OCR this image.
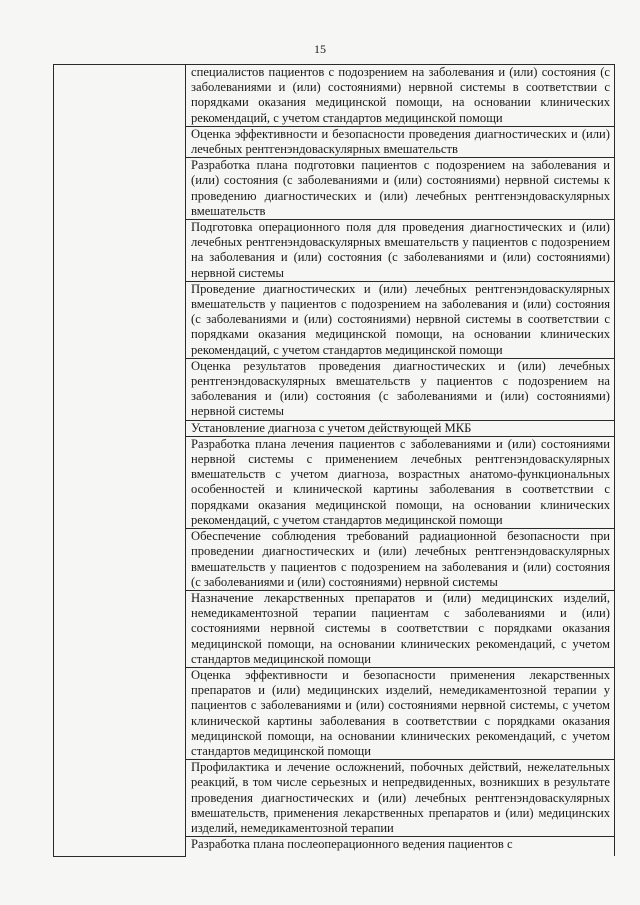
15
	специалистов пациентов с подозрением на заболевания и (или) состояния (с заболеваниями и (или) состояниями) нервной системы в соответствии с порядками оказания медицинской помощи, на основании клинических рекомендаций, с учетом стандартов медицинской помощи
Оценка эффективности и безопасности проведения диагностических и (или) лечебных рентгенэндоваскулярных вмешательств
Разработка плана подготовки пациентов с подозрением на заболевания и (или) состояния (с заболеваниями и (или) состояниями) нервной системы к проведению диагностических и (или) лечебных рентгенэндоваскулярных вмешательств
Подготовка операционного поля для проведения диагностических и (или) лечебных рентгенэндоваскулярных вмешательств у пациентов с подозрением на заболевания и (или) состояния (с заболеваниями и (или) состояниями) нервной системы
Проведение диагностических и (или) лечебных рентгенэндоваскулярных вмешательств у пациентов с подозрением на заболевания и (или) состояния (с заболеваниями и (или) состояниями) нервной системы в соответствии с порядками оказания медицинской помощи, на основании клинических рекомендаций, с учетом стандартов медицинской помощи
Оценка результатов проведения диагностических и (или) лечебных рентгенэндоваскулярных вмешательств у пациентов с подозрением на заболевания и (или) состояния (с заболеваниями и (или) состояниями) нервной системы
Установление диагноза с учетом действующей МКБ
Разработка плана лечения пациентов с заболеваниями и (или) состояниями нервной системы с применением лечебных рентгенэндоваскулярных вмешательств с учетом диагноза, возрастных анатомо-функциональных особенностей и клинической картины заболевания в соответствии с порядками оказания медицинской помощи, на основании клинических рекомендаций, с учетом стандартов медицинской помощи
Обеспечение соблюдения требований радиационной безопасности при проведении диагностических и (или) лечебных рентгенэндоваскулярных вмешательств у пациентов с подозрением на заболевания и (или) состояния (с заболеваниями и (или) состояниями) нервной системы
Назначение лекарственных препаратов и (или) медицинских изделий, немедикаментозной терапии пациентам с заболеваниями и (или) состояниями нервной системы в соответствии с порядками оказания медицинской помощи, на основании клинических рекомендаций, с учетом стандартов медицинской помощи
Оценка эффективности и безопасности применения лекарственных препаратов и (или) медицинских изделий, немедикаментозной терапии у пациентов с заболеваниями и (или) состояниями нервной системы, с учетом клинической картины заболевания в соответствии с порядками оказания медицинской помощи, на основании клинических рекомендаций, с учетом стандартов медицинской помощи
Профилактика и лечение осложнений, побочных действий, нежелательных реакций, в том числе серьезных и непредвиденных, возникших в результате проведения диагностических и (или) лечебных рентгенэндоваскулярных вмешательств, применения лекарственных препаратов и (или) медицинских изделий, немедикаментозной терапии
Разработка плана послеоперационного ведения пациентов с
